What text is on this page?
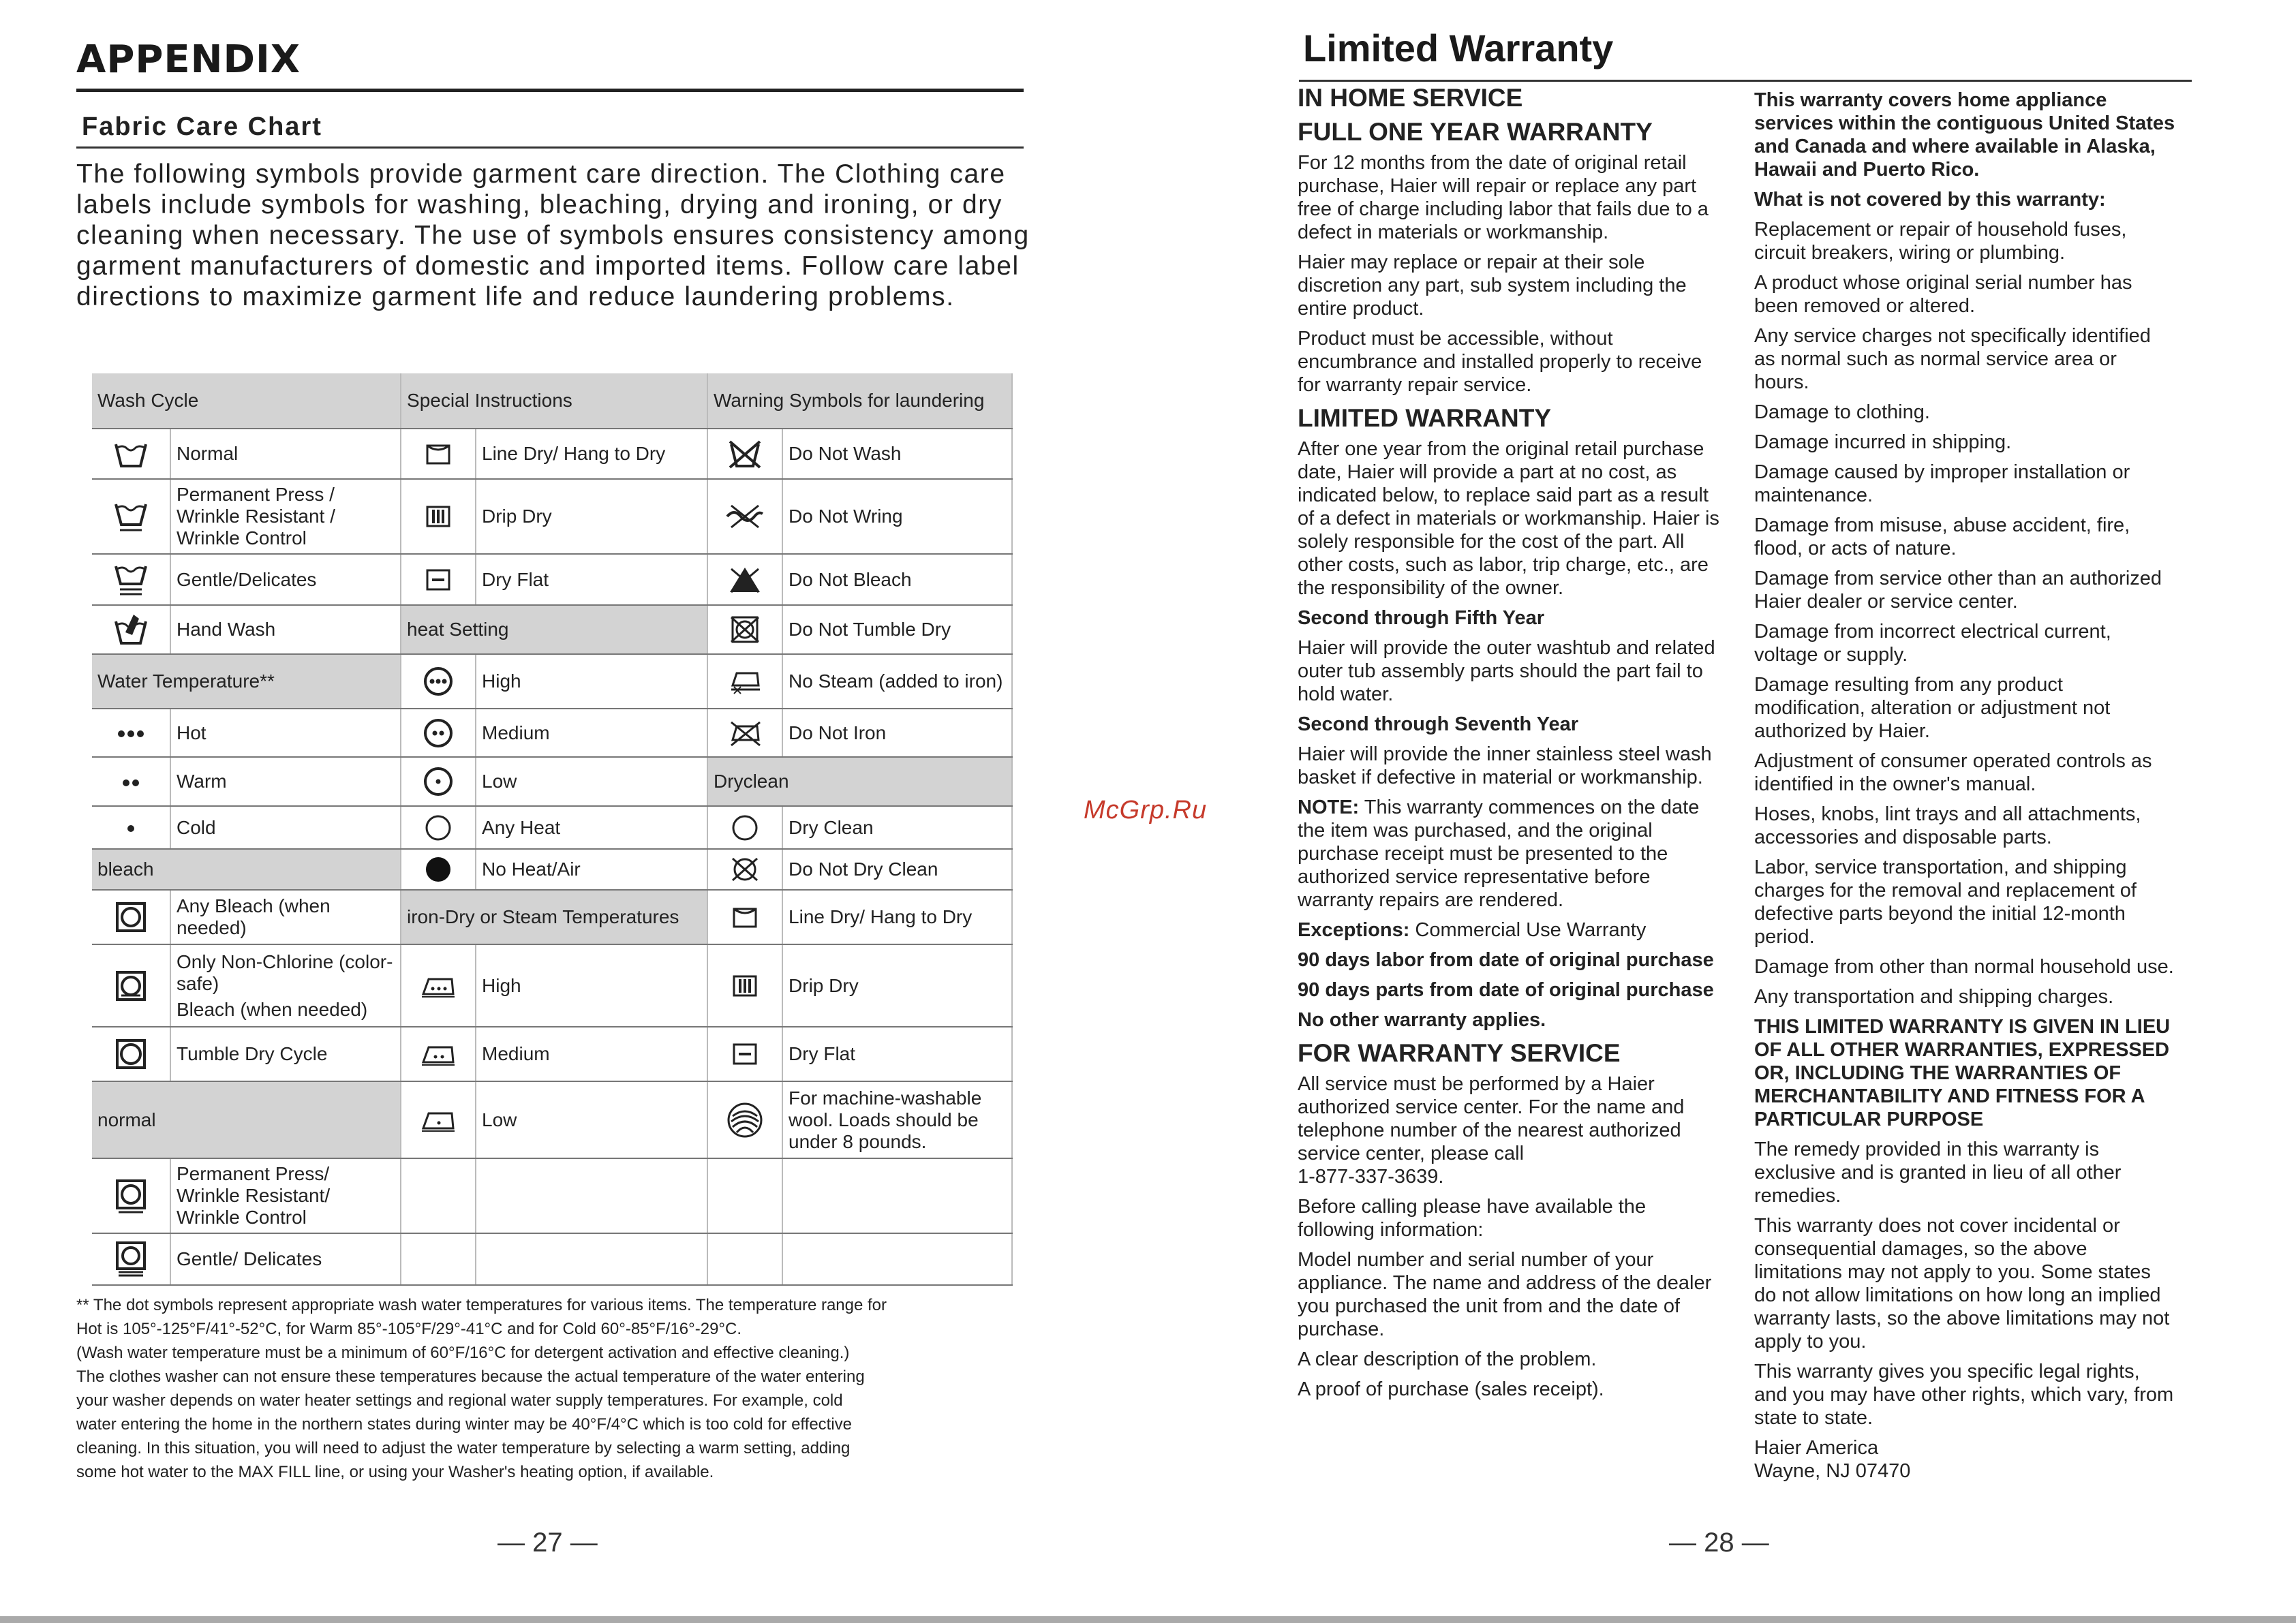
APPENDIX
Fabric Care Chart
The following symbols provide garment care direction. The Clothing care labels include symbols for washing, bleaching, drying and ironing, or dry cleaning when necessary. The use of symbols ensures consistency among garment manufacturers of domestic and imported items. Follow care label directions to maximize garment life and reduce laundering problems.
Wash Cycle		Special Instructions		Warning Symbols for laundering	

	Normal		Line Dry/ Hang to Dry		Do Not Wash

	Permanent Press / Wrinkle Resistant / Wrinkle Control		Drip Dry		Do Not Wring

	Gentle/Delicates		Dry Flat		Do Not Bleach

	Hand Wash	heat Setting			Do Not Tumble Dry
Water Temperature**			High		No Steam (added to iron)

	Hot		Medium		Do Not Iron

	Warm		Low	Dryclean	

	Cold		Any Heat		Dry Clean
bleach			No Heat/Air		Do Not Dry Clean

	Any Bleach (when needed)	iron-Dry or Steam Temperatures			Line Dry/ Hang to Dry

Only Non-Chlorine (color-safe)
Bleach (when needed)		High		Drip Dry

	Tumble Dry Cycle		Medium		Dry Flat
normal			Low		For machine-washable wool. Loads should be under 8 pounds.

	Permanent Press/ Wrinkle Resistant/ Wrinkle Control				

	Gentle/ Delicates				
** The dot symbols represent appropriate wash water temperatures for various items. The temperature range for
Hot is 105°-125°F/41°-52°C, for Warm 85°-105°F/29°-41°C and for Cold 60°-85°F/16°-29°C.
(Wash water temperature must be a minimum of 60°F/16°C for detergent activation and effective cleaning.)
The clothes washer can not ensure these temperatures because the actual temperature of the water entering
your washer depends on water heater settings and regional water supply temperatures. For example, cold
water entering the home in the northern states during winter may be 40°F/4°C which is too cold for effective
cleaning. In this situation, you will need to adjust the water temperature by selecting a warm setting, adding
some hot water to the MAX FILL line, or using your Washer's heating option, if available.
— 27 —
McGrp.Ru
Limited Warranty
IN HOME SERVICE
FULL ONE YEAR WARRANTY

For 12 months from the date of original retail purchase, Haier will repair or replace any part free of charge including labor that fails due to a defect in materials or workmanship.

Haier may replace or repair at their sole discretion any part, sub system including the entire product.

Product must be accessible, without encumbrance and installed properly to receive for warranty repair service.

LIMITED WARRANTY

After one year from the original retail purchase date, Haier will provide a part at no cost, as indicated below, to replace said part as a result of a defect in materials or workmanship. Haier is solely responsible for the cost of the part. All other costs, such as labor, trip charge, etc., are the responsibility of the owner.

Second through Fifth Year

Haier will provide the outer washtub and related outer tub assembly parts should the part fail to hold water.

Second through Seventh Year

Haier will provide the inner stainless steel wash basket if defective in material or workmanship.

NOTE: This warranty commences on the date the item was purchased, and the original purchase receipt must be presented to the authorized service representative before warranty repairs are rendered.

Exceptions: Commercial Use Warranty

90 days labor from date of original purchase
90 days parts from date of original purchase
No other warranty applies.
FOR WARRANTY SERVICE
All service must be performed by a Haier authorized service center. For the name and telephone number of the nearest authorized service center, please call

1-877-337-3639.

Before calling please have available the following information:

Model number and serial number of your appliance. The name and address of the dealer you purchased the unit from and the date of purchase.

A clear description of the problem.

A proof of purchase (sales receipt).

This warranty covers home appliance services within the contiguous United States and Canada and where available in Alaska, Hawaii and Puerto Rico.
What is not covered by this warranty:

Replacement or repair of household fuses, circuit breakers, wiring or plumbing.

A product whose original serial number has been removed or altered.

Any service charges not specifically identified as normal such as normal service area or hours.

Damage to clothing.

Damage incurred in shipping.

Damage caused by improper installation or maintenance.

Damage from misuse, abuse accident, fire, flood, or acts of nature.

Damage from service other than an authorized Haier dealer or service center.

Damage from incorrect electrical current, voltage or supply.

Damage resulting from any product modification, alteration or adjustment not authorized by Haier.

Adjustment of consumer operated controls as identified in the owner's manual.

Hoses, knobs, lint trays and all attachments, accessories and disposable parts.

Labor, service transportation, and shipping charges for the removal and replacement of defective parts beyond the initial 12-month period.

Damage from other than normal household use.

Any transportation and shipping charges.

THIS LIMITED WARRANTY IS GIVEN IN LIEU OF ALL OTHER WARRANTIES, EXPRESSED OR, INCLUDING THE WARRANTIES OF MERCHANTABILITY AND FITNESS FOR A PARTICULAR PURPOSE

The remedy provided in this warranty is exclusive and is granted in lieu of all other remedies.

This warranty does not cover incidental or consequential damages, so the above limitations may not apply to you. Some states do not allow limitations on how long an implied warranty lasts, so the above limitations may not apply to you.

This warranty gives you specific legal rights, and you may have other rights, which vary, from state to state.

Haier America
Wayne, NJ 07470
— 28 —
